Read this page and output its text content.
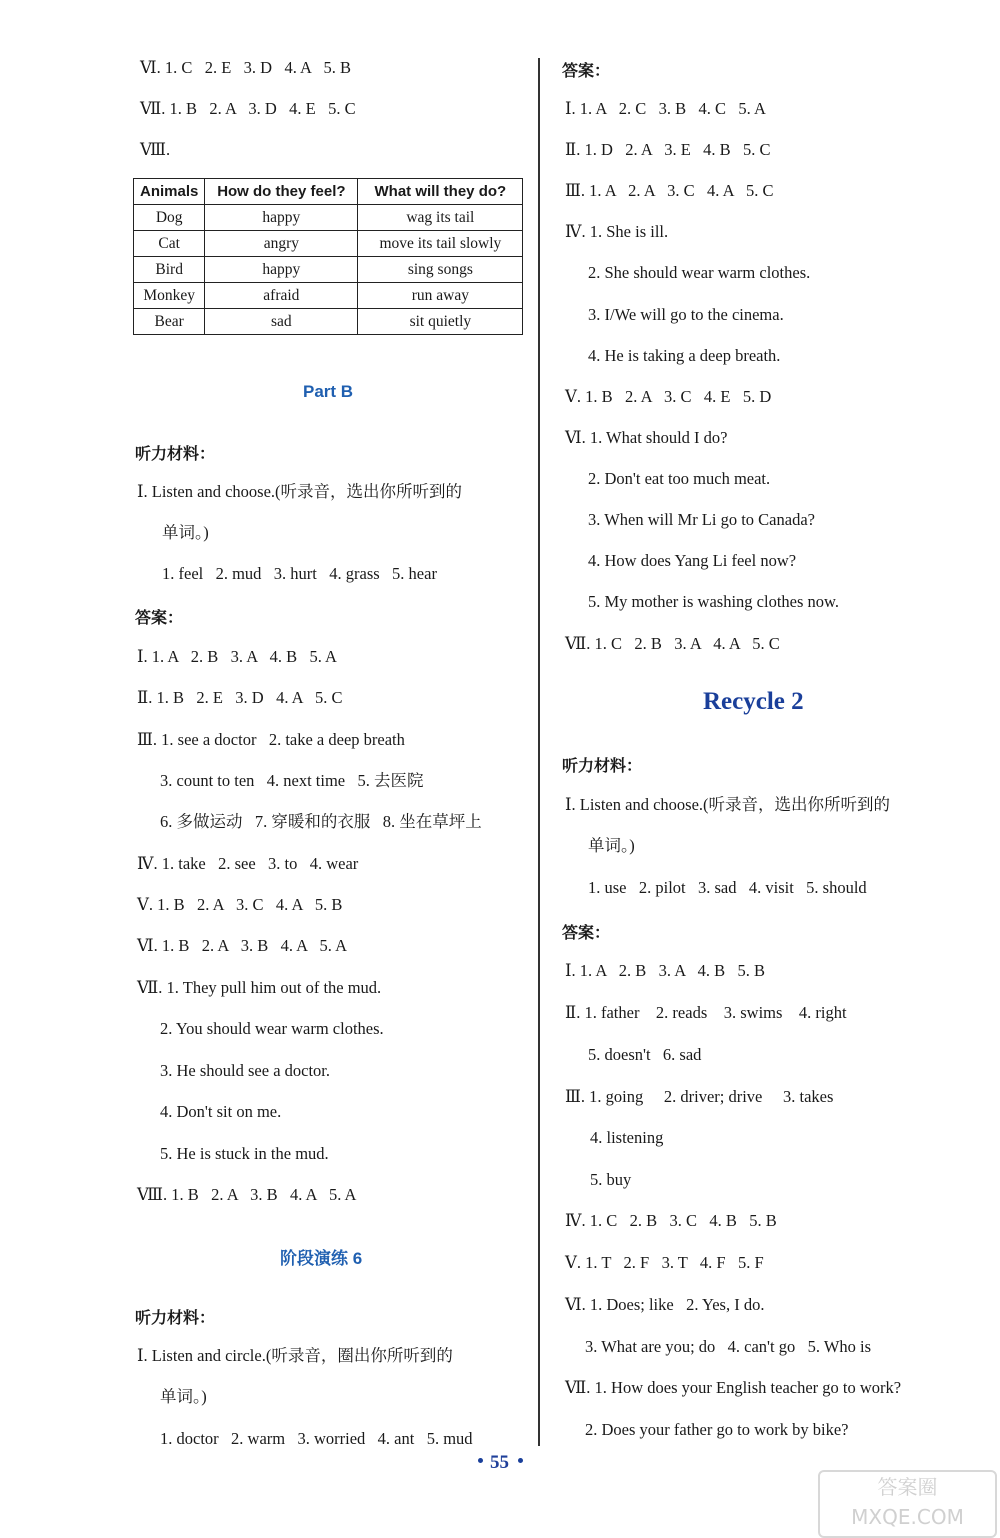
Ⅵ. 1. C   2. E   3. D   4. A   5. B
Ⅶ. 1. B   2. A   3. D   4. E   5. C
Ⅷ.
Animals	How do they feel?	What will they do?
Dog	happy	wag its tail
Cat	angry	move its tail slowly
Bird	happy	sing songs
Monkey	afraid	run away
Bear	sad	sit quietly
Part B
听力材料：
Ⅰ. Listen and choose.(听录音，选出你所听到的
单词。)
1. feel   2. mud   3. hurt   4. grass   5. hear
答案：
Ⅰ. 1. A   2. B   3. A   4. B   5. A
Ⅱ. 1. B   2. E   3. D   4. A   5. C
Ⅲ. 1. see a doctor   2. take a deep breath
3. count to ten   4. next time   5. 去医院
6. 多做运动   7. 穿暖和的衣服   8. 坐在草坪上
Ⅳ. 1. take   2. see   3. to   4. wear
Ⅴ. 1. B   2. A   3. C   4. A   5. B
Ⅵ. 1. B   2. A   3. B   4. A   5. A
Ⅶ. 1. They pull him out of the mud.
2. You should wear warm clothes.
3. He should see a doctor.
4. Don't sit on me.
5. He is stuck in the mud.
Ⅷ. 1. B   2. A   3. B   4. A   5. A
阶段演练 6
听力材料：
Ⅰ. Listen and circle.(听录音，圈出你所听到的
单词。)
1. doctor   2. warm   3. worried   4. ant   5. mud
答案：
Ⅰ. 1. A   2. C   3. B   4. C   5. A
Ⅱ. 1. D   2. A   3. E   4. B   5. C
Ⅲ. 1. A   2. A   3. C   4. A   5. C
Ⅳ. 1. She is ill.
2. She should wear warm clothes.
3. I/We will go to the cinema.
4. He is taking a deep breath.
Ⅴ. 1. B   2. A   3. C   4. E   5. D
Ⅵ. 1. What should I do?
2. Don't eat too much meat.
3. When will Mr Li go to Canada?
4. How does Yang Li feel now?
5. My mother is washing clothes now.
Ⅶ. 1. C   2. B   3. A   4. A   5. C
Recycle 2
听力材料：
Ⅰ. Listen and choose.(听录音，选出你所听到的
单词。)
1. use   2. pilot   3. sad   4. visit   5. should
答案：
Ⅰ. 1. A   2. B   3. A   4. B   5. B
Ⅱ. 1. father    2. reads    3. swims    4. right
5. doesn't   6. sad
Ⅲ. 1. going     2. driver; drive     3. takes
4. listening
5. buy
Ⅳ. 1. C   2. B   3. C   4. B   5. B
Ⅴ. 1. T   2. F   3. T   4. F   5. F
Ⅵ. 1. Does; like   2. Yes, I do.
3. What are you; do   4. can't go   5. Who is
Ⅶ. 1. How does your English teacher go to work?
2. Does your father go to work by bike?
55
答案圈 MXQE.COM
